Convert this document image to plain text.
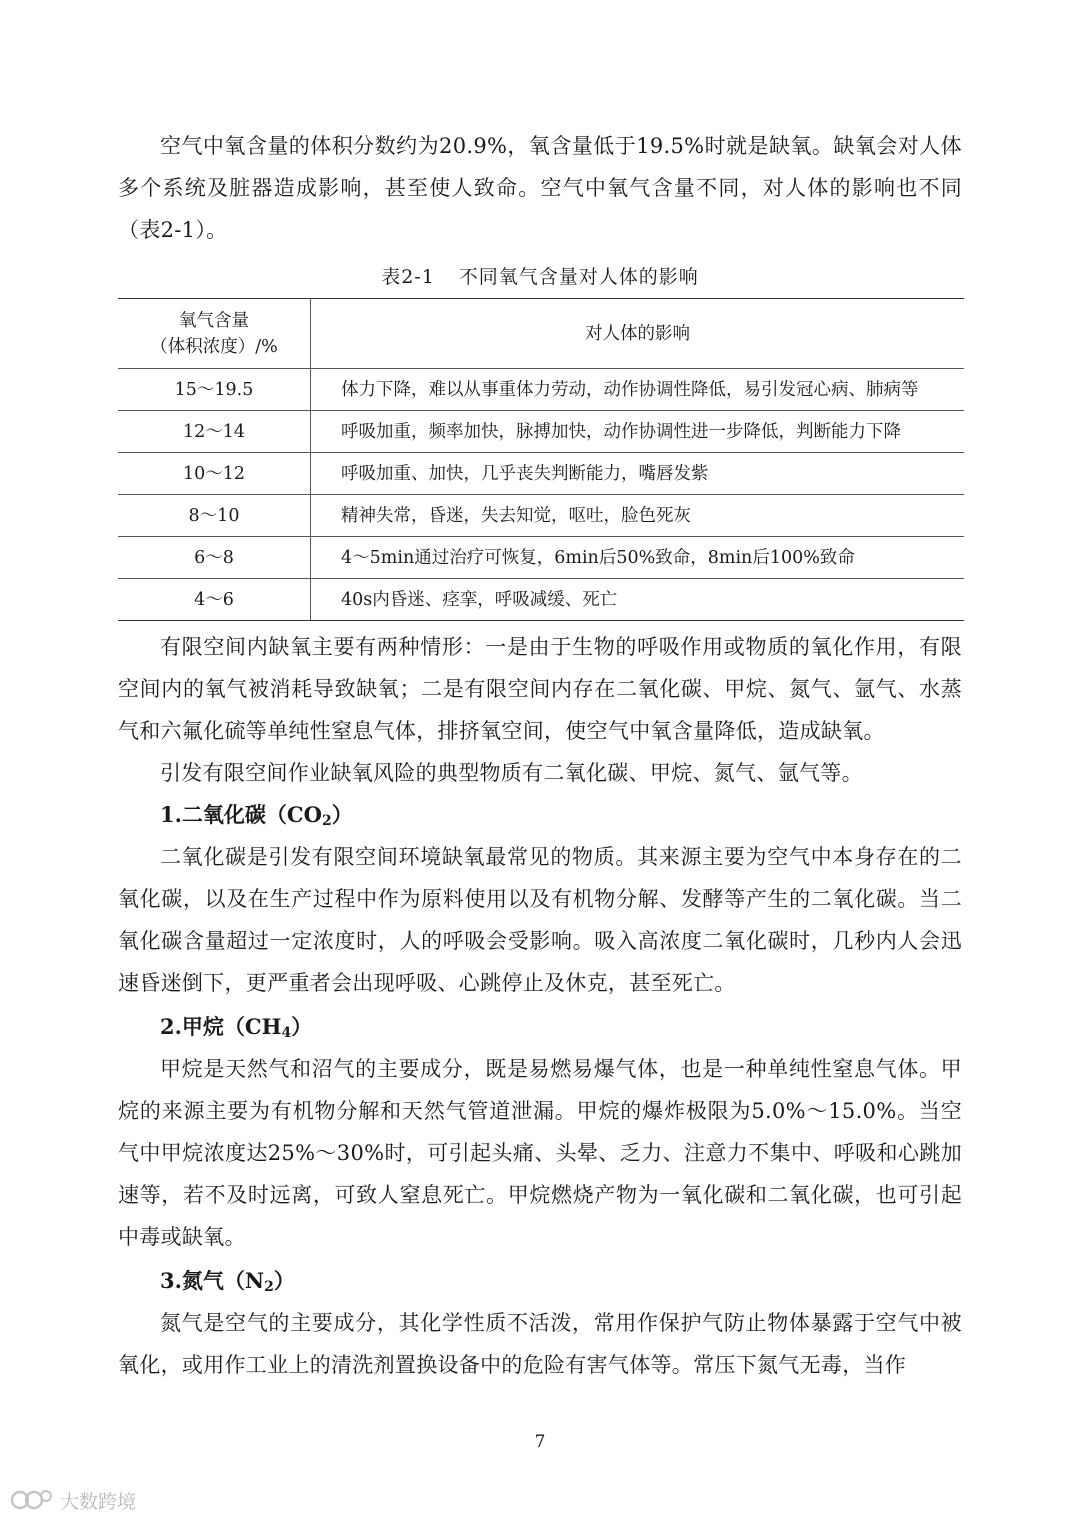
空气中氧含量的体积分数约为20.9%，氧含量低于19.5%时就是缺氧。缺氧会对人体多个系统及脏器造成影响，甚至使人致命。空气中氧气含量不同，对人体的影响也不同（表2-1）。

表2-1 不同氧气含量对人体的影响
氧气含量
（体积浓度）/%	对人体的影响
15～19.5	体力下降，难以从事重体力劳动，动作协调性降低，易引发冠心病、肺病等
12～14	呼吸加重，频率加快，脉搏加快，动作协调性进一步降低，判断能力下降
10～12	呼吸加重、加快，几乎丧失判断能力，嘴唇发紫
8～10	精神失常，昏迷，失去知觉，呕吐，脸色死灰
6～8	4～5min通过治疗可恢复，6min后50%致命，8min后100%致命
4～6	40s内昏迷、痉挛，呼吸减缓、死亡

有限空间内缺氧主要有两种情形：一是由于生物的呼吸作用或物质的氧化作用，有限空间内的氧气被消耗导致缺氧；二是有限空间内存在二氧化碳、甲烷、氮气、氩气、水蒸气和六氟化硫等单纯性窒息气体，排挤氧空间，使空气中氧含量降低，造成缺氧。

引发有限空间作业缺氧风险的典型物质有二氧化碳、甲烷、氮气、氩气等。

1.二氧化碳$(CO_2)$

二氧化碳是引发有限空间环境缺氧最常见的物质。其来源主要为空气中本身存在的二氧化碳，以及在生产过程中作为原料使用以及有机物分解、发酵等产生的二氧化碳。当二氧化碳含量超过一定浓度时，人的呼吸会受影响。吸入高浓度二氧化碳时，几秒内人会迅速昏迷倒下，更严重者会出现呼吸、心跳停止及休克，甚至死亡。

2.甲烷$(CH_4)$

甲烷是天然气和沼气的主要成分，既是易燃易爆气体，也是一种单纯性窒息气体。甲烷的来源主要为有机物分解和天然气管道泄漏。甲烷的爆炸极限为5.0%～15.0%。当空气中甲烷浓度达25%～30%时，可引起头痛、头晕、乏力、注意力不集中、呼吸和心跳加速等，若不及时远离，可致人窒息死亡。甲烷燃烧产物为一氧化碳和二氧化碳，也可引起中毒或缺氧。

3.氮气$(N_2)$

氮气是空气的主要成分，其化学性质不活泼，常用作保护气防止物体暴露于空气中被氧化，或用作工业上的清洗剂置换设备中的危险有害气体等。常压下氮气无毒，当作

7
大数跨境
